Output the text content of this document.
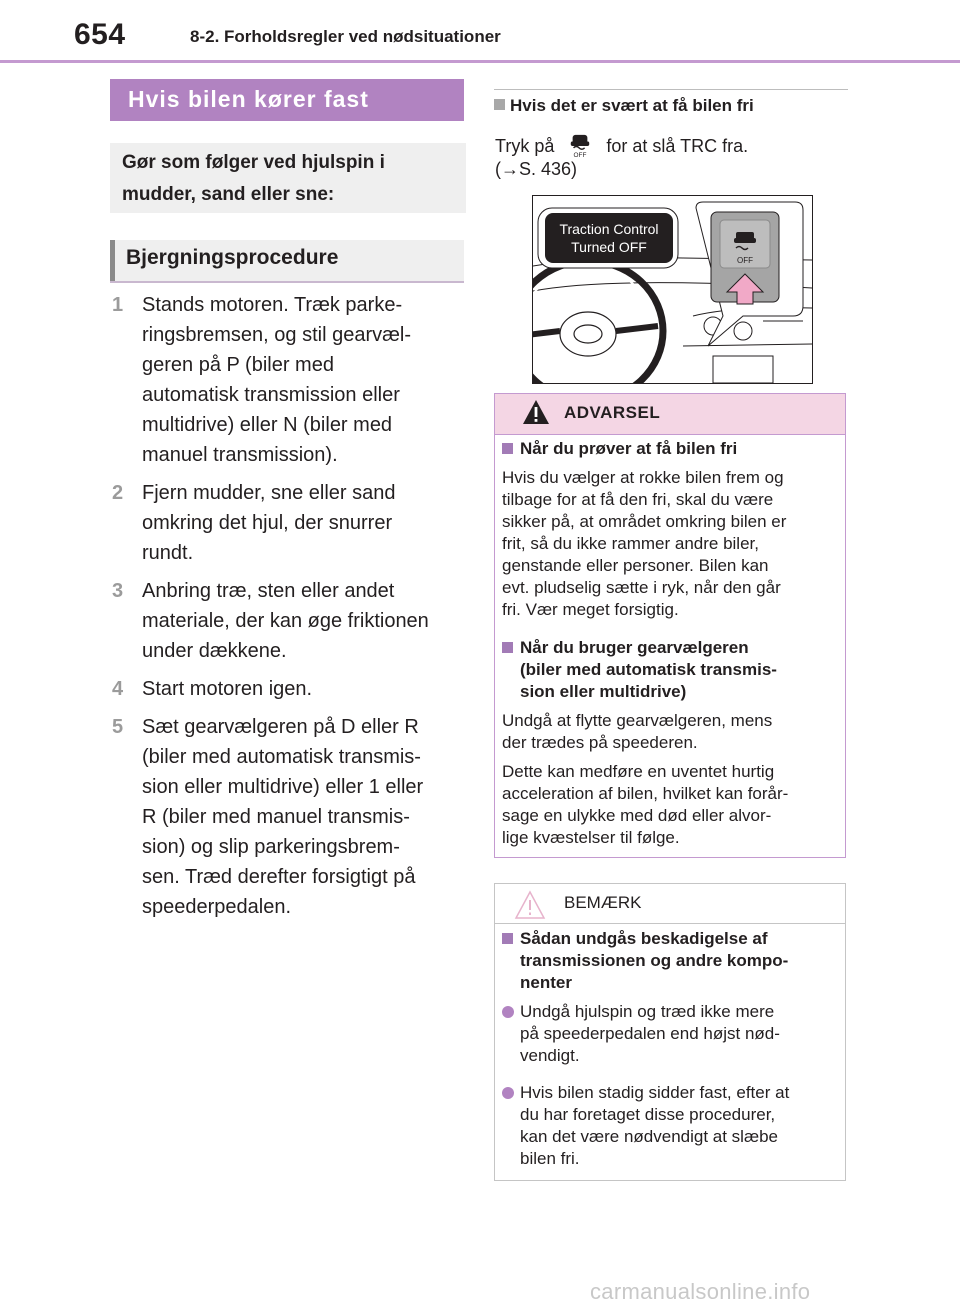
654	8-2. Forholdsregler ved nødsituationer
Hvis bilen kører fast
Gør som følger ved hjulspin i
mudder, sand eller sne:
Bjergningsprocedure
1 Stands motoren. Træk parke-
ringsbremsen, og stil gearvæl-
geren på P (biler med
automatisk transmission eller
multidrive) eller N (biler med
manuel transmission).
2 Fjern mudder, sne eller sand
omkring det hjul, der snurrer
rundt.
3 Anbring træ, sten eller andet
materiale, der kan øge friktionen
under dækkene.
4 Start motoren igen.
5 Sæt gearvælgeren på D eller R
(biler med automatisk transmis-
sion eller multidrive) eller 1 eller
R (biler med manuel transmis-
sion) og slip parkeringsbrem-
sen. Træd derefter forsigtigt på
speederpedalen.
Hvis det er svært at få bilen fri
Tryk på	OFF for at slå TRC fra.
(→S. 436)
Traction Control
Turned OFF
OFF
ADVARSEL
Når du prøver at få bilen fri
Hvis du vælger at rokke bilen frem og
tilbage for at få den fri, skal du være
sikker på, at området omkring bilen er
frit, så du ikke rammer andre biler,
genstande eller personer. Bilen kan
evt. pludselig sætte i ryk, når den går
fri. Vær meget forsigtig.
Når du bruger gearvælgeren
(biler med automatisk transmis-
sion eller multidrive)
Undgå at flytte gearvælgeren, mens
der trædes på speederen.
Dette kan medføre en uventet hurtig
acceleration af bilen, hvilket kan forår-
sage en ulykke med død eller alvor-
lige kvæstelser til følge.
BEMÆRK
Sådan undgås beskadigelse af
transmissionen og andre kompo-
nenter
Undgå hjulspin og træd ikke mere
på speederpedalen end højst nød-
vendigt.
Hvis bilen stadig sidder fast, efter at
du har foretaget disse procedurer,
kan det være nødvendigt at slæbe
bilen fri.
carmanualsonline.info
